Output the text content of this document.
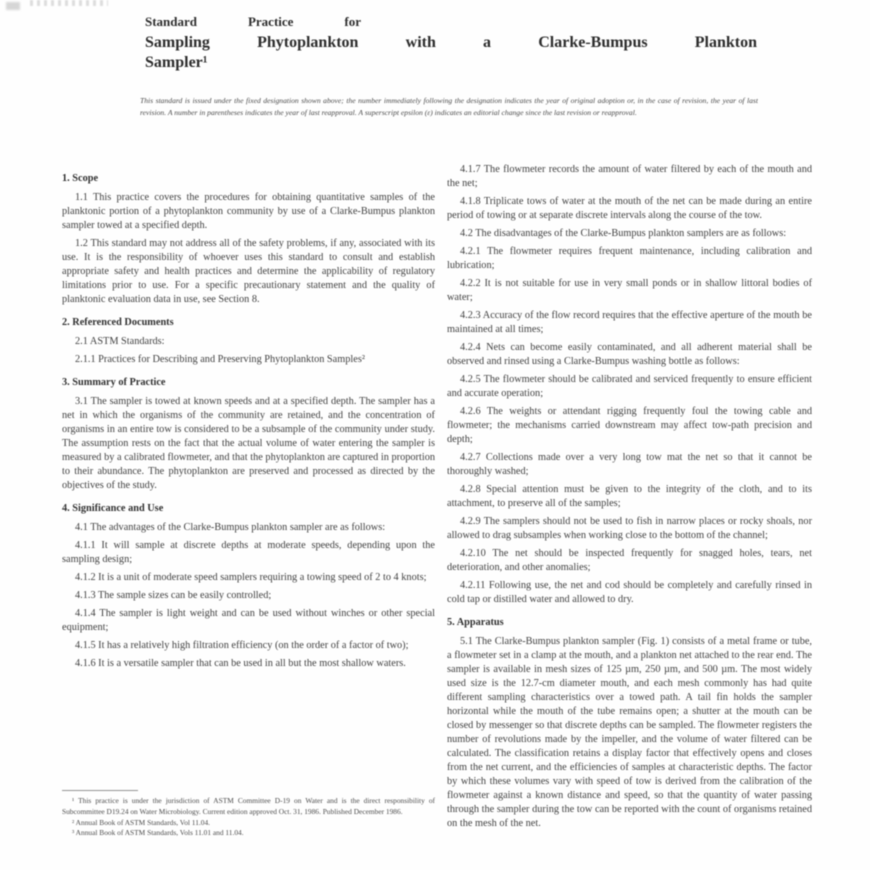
Standard Practice for
Sampling Phytoplankton with a Clarke-Bumpus Plankton
Sampler¹

This standard is issued under the fixed designation shown above; the number immediately following the designation indicates the year of original adoption or, in the case of revision, the year of last revision. A number in parentheses indicates the year of last reapproval. A superscript epsilon (ε) indicates an editorial change since the last revision or reapproval.

1. Scope

1.1 This practice covers the procedures for obtaining quantitative samples of the planktonic portion of a phytoplankton community by use of a Clarke-Bumpus plankton sampler towed at a specified depth.

1.2 This standard may not address all of the safety problems, if any, associated with its use. It is the responsibility of whoever uses this standard to consult and establish appropriate safety and health practices and determine the applicability of regulatory limitations prior to use. For a specific precautionary statement and the quality of planktonic evaluation data in use, see Section 8.

2. Referenced Documents

2.1 ASTM Standards:

2.1.1 Practices for Describing and Preserving Phytoplankton Samples²

3. Summary of Practice

3.1 The sampler is towed at known speeds and at a specified depth. The sampler has a net in which the organisms of the community are retained, and the concentration of organisms in an entire tow is considered to be a subsample of the community under study. The assumption rests on the fact that the actual volume of water entering the sampler is measured by a calibrated flowmeter, and that the phytoplankton are captured in proportion to their abundance. The phytoplankton are preserved and processed as directed by the objectives of the study.

4. Significance and Use

4.1 The advantages of the Clarke-Bumpus plankton sampler are as follows:

4.1.1 It will sample at discrete depths at moderate speeds, depending upon the sampling design;

4.1.2 It is a unit of moderate speed samplers requiring a towing speed of 2 to 4 knots;

4.1.3 The sample sizes can be easily controlled;

4.1.4 The sampler is light weight and can be used without winches or other special equipment;

4.1.5 It has a relatively high filtration efficiency (on the order of a factor of two);

4.1.6 It is a versatile sampler that can be used in all but the most shallow waters.

4.1.7 The flowmeter records the amount of water filtered by each of the mouth and the net;

4.1.8 Triplicate tows of water at the mouth of the net can be made during an entire period of towing or at separate discrete intervals along the course of the tow.

4.2 The disadvantages of the Clarke-Bumpus plankton samplers are as follows:

4.2.1 The flowmeter requires frequent maintenance, including calibration and lubrication;

4.2.2 It is not suitable for use in very small ponds or in shallow littoral bodies of water;

4.2.3 Accuracy of the flow record requires that the effective aperture of the mouth be maintained at all times;

4.2.4 Nets can become easily contaminated, and all adherent material shall be observed and rinsed using a Clarke-Bumpus washing bottle as follows:

4.2.5 The flowmeter should be calibrated and serviced frequently to ensure efficient and accurate operation;

4.2.6 The weights or attendant rigging frequently foul the towing cable and flowmeter; the mechanisms carried downstream may affect tow-path precision and depth;

4.2.7 Collections made over a very long tow mat the net so that it cannot be thoroughly washed;

4.2.8 Special attention must be given to the integrity of the cloth, and to its attachment, to preserve all of the samples;

4.2.9 The samplers should not be used to fish in narrow places or rocky shoals, nor allowed to drag subsamples when working close to the bottom of the channel;

4.2.10 The net should be inspected frequently for snagged holes, tears, net deterioration, and other anomalies;

4.2.11 Following use, the net and cod should be completely and carefully rinsed in cold tap or distilled water and allowed to dry.

5. Apparatus

5.1 The Clarke-Bumpus plankton sampler (Fig. 1) consists of a metal frame or tube, a flowmeter set in a clamp at the mouth, and a plankton net attached to the rear end. The sampler is available in mesh sizes of 125 µm, 250 µm, and 500 µm. The most widely used size is the 12.7-cm diameter mouth, and each mesh commonly has had quite different sampling characteristics over a towed path. A tail fin holds the sampler horizontal while the mouth of the tube remains open; a shutter at the mouth can be closed by messenger so that discrete depths can be sampled. The flowmeter registers the number of revolutions made by the impeller, and the volume of water filtered can be calculated. The classification retains a display factor that effectively opens and closes from the net current, and the efficiencies of samples at characteristic depths. The factor by which these volumes vary with speed of tow is derived from the calibration of the flowmeter against a known distance and speed, so that the quantity of water passing through the sampler during the tow can be reported with the count of organisms retained on the mesh of the net.

¹ This practice is under the jurisdiction of ASTM Committee D-19 on Water and is the direct responsibility of Subcommittee D19.24 on Water Microbiology. Current edition approved Oct. 31, 1986. Published December 1986.

² Annual Book of ASTM Standards, Vol 11.04.

³ Annual Book of ASTM Standards, Vols 11.01 and 11.04.
